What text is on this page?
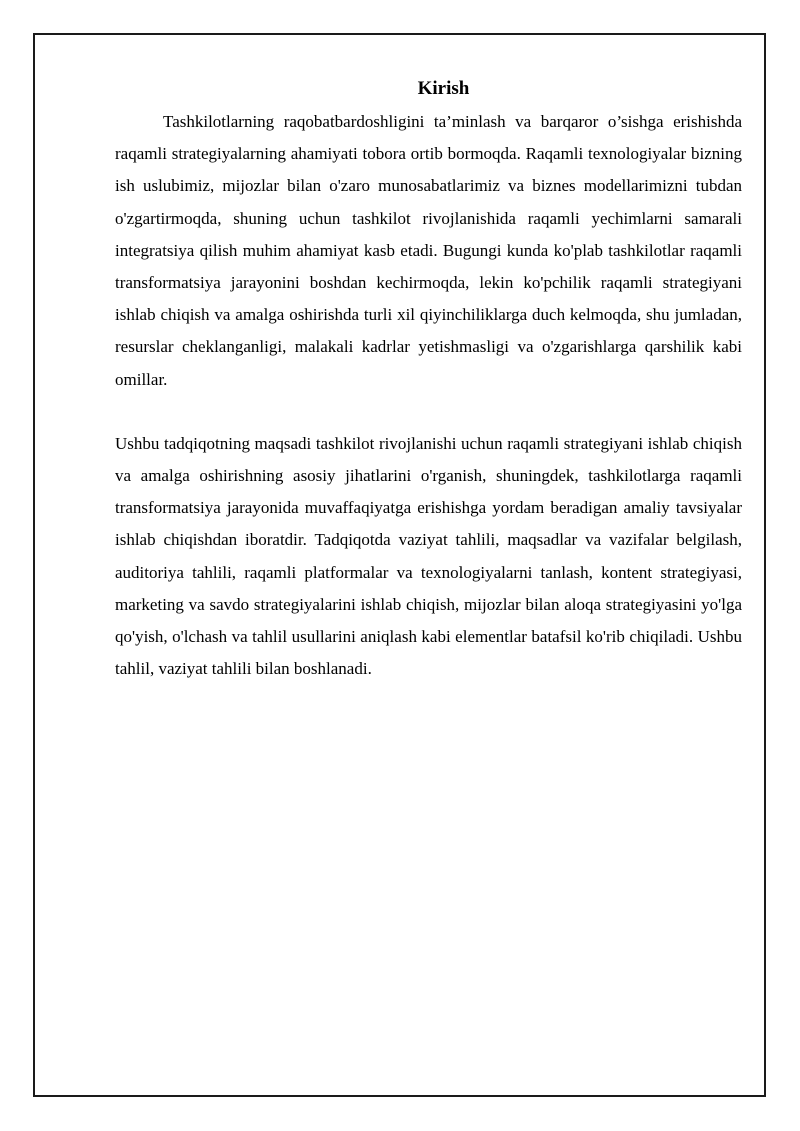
Kirish

Tashkilotlarning raqobatbardoshligini ta’minlash va barqaror o’sishga erishishda raqamli strategiyalarning ahamiyati tobora ortib bormoqda. Raqamli texnologiyalar bizning ish uslubimiz, mijozlar bilan o'zaro munosabatlarimiz va biznes modellarimizni tubdan o'zgartirmoqda, shuning uchun tashkilot rivojlanishida raqamli yechimlarni samarali integratsiya qilish muhim ahamiyat kasb etadi. Bugungi kunda ko'plab tashkilotlar raqamli transformatsiya jarayonini boshdan kechirmoqda, lekin ko'pchilik raqamli strategiyani ishlab chiqish va amalga oshirishda turli xil qiyinchiliklarga duch kelmoqda, shu jumladan, resurslar cheklanganligi, malakali kadrlar yetishmasligi va o'zgarishlarga qarshilik kabi omillar.

Ushbu tadqiqotning maqsadi tashkilot rivojlanishi uchun raqamli strategiyani ishlab chiqish va amalga oshirishning asosiy jihatlarini o'rganish, shuningdek, tashkilotlarga raqamli transformatsiya jarayonida muvaffaqiyatga erishishga yordam beradigan amaliy tavsiyalar ishlab chiqishdan iboratdir. Tadqiqotda vaziyat tahlili, maqsadlar va vazifalar belgilash, auditoriya tahlili, raqamli platformalar va texnologiyalarni tanlash, kontent strategiyasi, marketing va savdo strategiyalarini ishlab chiqish, mijozlar bilan aloqa strategiyasini yo'lga qo'yish, o'lchash va tahlil usullarini aniqlash kabi elementlar batafsil ko'rib chiqiladi. Ushbu tahlil, vaziyat tahlili bilan boshlanadi.
